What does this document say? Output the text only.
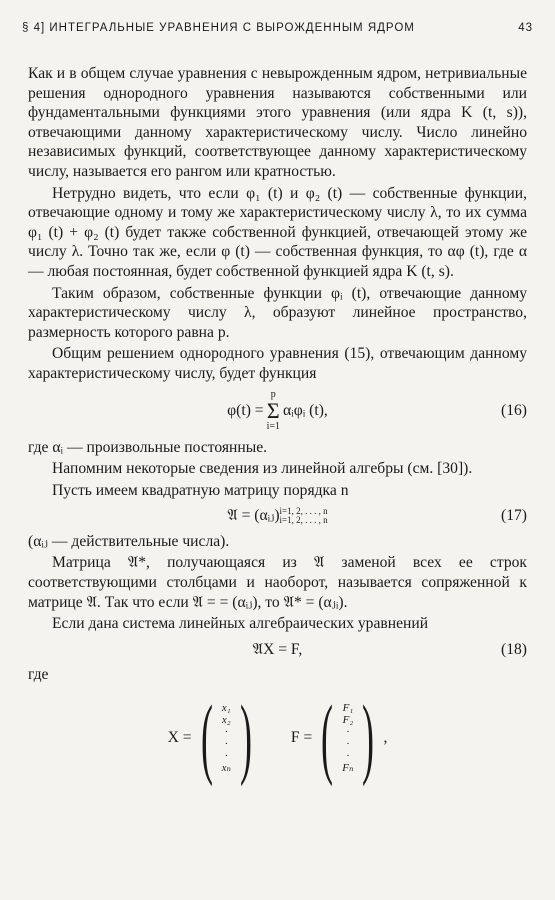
§ 4] ИНТЕГРАЛЬНЫЕ УРАВНЕНИЯ С ВЫРОЖДЕННЫМ ЯДРОМ	43

Как и в общем случае уравнения с невырожденным ядром, нетривиальные решения однородного уравнения называются собственными или фундаментальными функциями этого уравнения (или ядра K (t, s)), отвечающими данному характеристическому числу. Число линейно независимых функций, соответствующее данному характеристическому числу, называется его рангом или кратностью.

Нетрудно видеть, что если φ₁ (t) и φ₂ (t) — собственные функции, отвечающие одному и тому же характеристическому числу λ, то их сумма φ₁ (t) + φ₂ (t) будет также собственной функцией, отвечающей этому же числу λ. Точно так же, если φ (t) — собственная функция, то αφ (t), где α — любая постоянная, будет собственной функцией ядра K (t, s).

Таким образом, собственные функции φᵢ (t), отвечающие данному характеристическому числу λ, образуют линейное пространство, размерность которого равна p.

Общим решением однородного уравнения (15), отвечающим данному характеристическому числу, будет функция

φ(t) =
p
Σ
i=1
αᵢφᵢ (t),	(16)

где αᵢ — произвольные постоянные.

Напомним некоторые сведения из линейной алгебры (см. [30]).

Пусть имеем квадратную матрицу порядка n

𝔄 = (αᵢⱼ) i=1, 2, . . . , n
i=1, 2, . . . , n	(17)

(αᵢⱼ — действительные числа).

Матрица 𝔄*, получающаяся из 𝔄 заменой всех ее строк соответствующими столбцами и наоборот, называется сопряженной к матрице 𝔄. Так что если 𝔄 = = (αᵢⱼ), то 𝔄* = (αⱼᵢ).

Если дана система линейных алгебраических уравнений

𝔄X = F,	(18)

где

X = ( x₁
x₂
·
·
·
xₙ ) F = ( F₁
F₂
·
·
·
Fₙ ) ,
